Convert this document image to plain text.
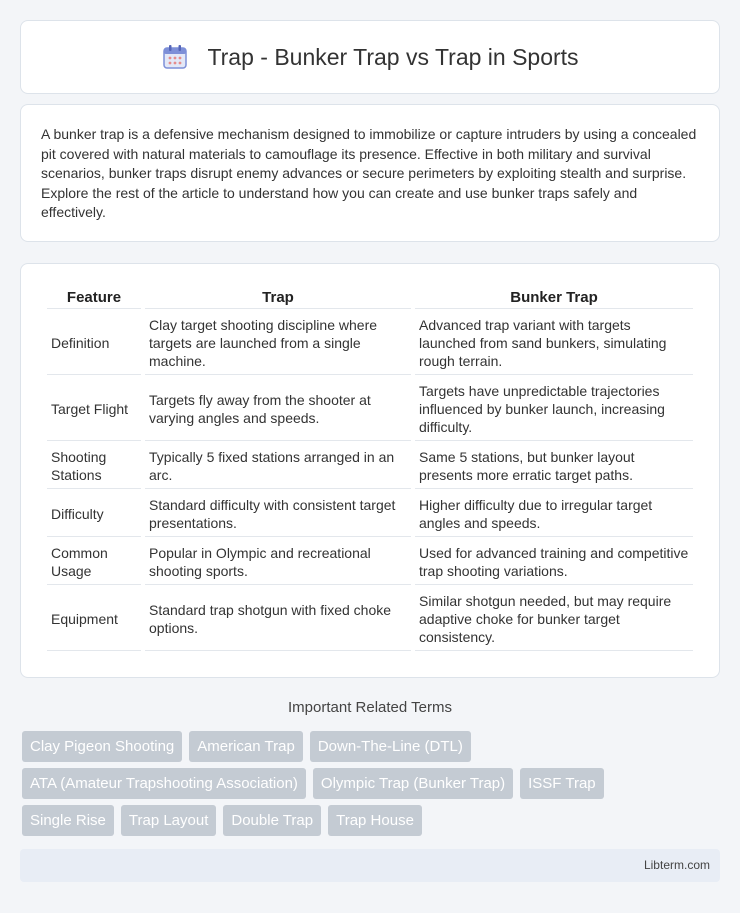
Trap - Bunker Trap vs Trap in Sports

A bunker trap is a defensive mechanism designed to immobilize or capture intruders by using a concealed pit covered with natural materials to camouflage its presence. Effective in both military and survival scenarios, bunker traps disrupt enemy advances or secure perimeters by exploiting stealth and surprise. Explore the rest of the article to understand how you can create and use bunker traps safely and effectively.

Feature	Trap	Bunker Trap
Definition	Clay target shooting discipline where targets are launched from a single machine.	Advanced trap variant with targets launched from sand bunkers, simulating rough terrain.
Target Flight	Targets fly away from the shooter at varying angles and speeds.	Targets have unpredictable trajectories influenced by bunker launch, increasing difficulty.
Shooting Stations	Typically 5 fixed stations arranged in an arc.	Same 5 stations, but bunker layout presents more erratic target paths.
Difficulty	Standard difficulty with consistent target presentations.	Higher difficulty due to irregular target angles and speeds.
Common Usage	Popular in Olympic and recreational shooting sports.	Used for advanced training and competitive trap shooting variations.
Equipment	Standard trap shotgun with fixed choke options.	Similar shotgun needed, but may require adaptive choke for bunker target consistency.
Important Related Terms
Clay Pigeon Shooting	American Trap	Down-The-Line (DTL)
ATA (Amateur Trapshooting Association)	Olympic Trap (Bunker Trap)	ISSF Trap
Single Rise	Trap Layout	Double Trap	Trap House
Libterm.com
